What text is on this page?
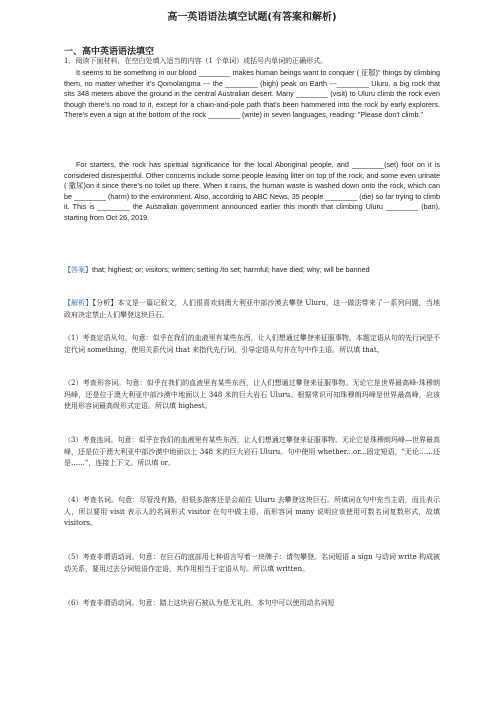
高一英语语法填空试题(有答案和解析)
一、高中英语语法填空

1．阅读下面材料，在空白处填入适当的内容（1 个单词）或括号内单词的正确形式。

It seems to be something in our blood ________ makes human beings want to conquer ( 征服)" things by climbing them, no matter whether it's Qomolangma --- the ________ (high) peak on Earth ---________ Uluru, a big rock that sits 348 meters above the ground in the central Australian desert. Many ________ (visit) to Uluru climb the rock even though there's no road to it, except for a chain-and-pole path that's been hammered into the rock by early explorers. There's even a sign at the bottom of the rock ________ (write) in seven languages, reading: "Please don't climb."

For starters, the rock has spiritual significance for the local Aboriginal people, and ________(set) foot on it is considered disrespectful. Other concerns include some people leaving litter on top of the rock, and some even urinate ( 撒尿)on it since there's no toilet up there. When it rains, the human waste is washed down onto the rock, which can be ________ (harm) to the environment. Also, according to ABC News, 35 people ________ (die) so far trying to climb it. This is ________ the Australian government announced earlier this month that climbing Uluru ________ (ban), starting from Oct 26, 2019.

【答案】that; highest; or; visitors; written; setting /to set; harmful; have died; why; will be banned

【解析】【分析】本文是一篇记叙文，人们很喜欢到澳大利亚中部沙漠去攀登 Uluru，这一做法带来了一系列问题，当地政府决定禁止人们攀登这块巨石。

（1）考查定语从句。句意：似乎在我们的血液里有某些东西，让人们想通过攀登来征服事物。本题定语从句的先行词是不定代词 something，使用关系代词 that 来指代先行词，引导定语从句并在句中作主语。所以填 that。

（2）考查形容词。句意：似乎在我们的血液里有某些东西，让人们想通过攀登来征服事物。无论它是世界最高峰-珠穆朗玛峰，还是位于澳大利亚中部沙漠中地面以上 348 米的巨大岩石 Uluru。根据常识可知珠穆朗玛峰是世界最高峰，应该使用形容词最高级形式定语。所以填 highest。

（3）考查连词。句意：似乎在我们的血液里有某些东西，让人们想通过攀登来征服事物。无论它是珠穆朗玛峰—世界最高峰，还是位于澳大利亚中部沙漠中地面以上 348 米的巨大岩石 Uluru。句中使用 whether...or...固定短语，"无论……还是……"，连接上下文。所以填 or。

（4）考查名词。句意：尽管没有路，但很多游客还是会前往 Uluru 去攀登这块巨石。所填词在句中充当主语，而且表示人，所以要用 visit 表示人的名词形式 visitor 在句中做主语，而形容词 many 说明应该使用可数名词复数形式，故填 visitors。

（5）考查非谓语动词。句意：在巨石的底部用七种语言写着一块牌子：请勿攀登。名词短语 a sign 与动词 write 构成被动关系，要用过去分词短语作定语，其作用相当于定语从句。所以填 written。

（6）考查非谓语动词。句意：踏上这块岩石被认为是无礼的。本句中可以使用动名词短
